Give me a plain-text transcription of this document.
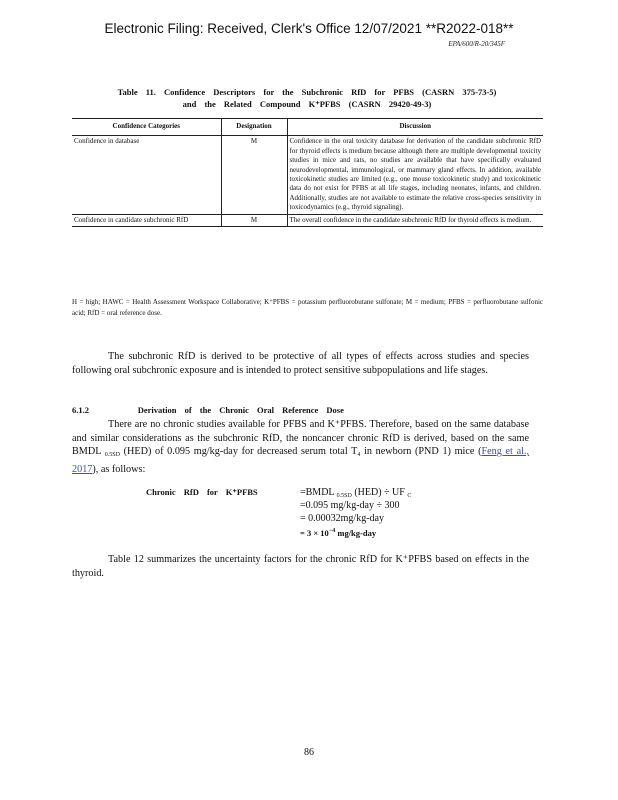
Electronic Filing: Received, Clerk's Office 12/07/2021 **R2022-018**
EPA/600/R-20/345F
Table 11. Confidence Descriptors for the Subchronic RfD for PFBS (CASRN 375-73-5)
and the Related Compound K⁺PFBS (CASRN 29420-49-3)
Confidence Categories	Designation	Discussion
Confidence in database	M	Confidence in the oral toxicity database for derivation of the candidate subchronic RfD for thyroid effects is medium because although there are multiple developmental toxicity studies in mice and rats, no studies are available that have specifically evaluated neurodevelopmental, immunological, or mammary gland effects. In addition, available toxicokinetic studies are limited (e.g., one mouse toxicokinetic study) and toxicokinetic data do not exist for PFBS at all life stages, including neonates, infants, and children. Additionally, studies are not available to estimate the relative cross-species sensitivity in toxicodynamics (e.g., thyroid signaling).
Confidence in candidate subchronic RfD	M	The overall confidence in the candidate subchronic RfD for thyroid effects is medium.
H = high; HAWC = Health Assessment Workspace Collaborative; K⁺PFBS = potassium perfluorobutane sulfonate; M = medium; PFBS = perfluorobutane sulfonic acid; RfD = oral reference dose.
The subchronic RfD is derived to be protective of all types of effects across studies and species following oral subchronic exposure and is intended to protect sensitive subpopulations and life stages.
6.1.2	Derivation of the Chronic Oral Reference Dose
There are no chronic studies available for PFBS and K⁺PFBS. Therefore, based on the same database and similar considerations as the subchronic RfD, the noncancer chronic RfD is derived, based on the same BMDL $_{0.5SD}$ (HED) of 0.095 mg/kg-day for decreased serum total $T_4$ in newborn (PND 1) mice (Feng et al., 2017), as follows:
Chronic RfD for K⁺PFBS	=BMDL $_{0.5SD}$ (HED) ÷ UF $_C$
=0.095 mg/kg-day ÷ 300
= 0.00032mg/kg-day
= $3 \times 10^{-4}$ mg/kg-day
Table 12 summarizes the uncertainty factors for the chronic RfD for K⁺PFBS based on effects in the thyroid.
86
